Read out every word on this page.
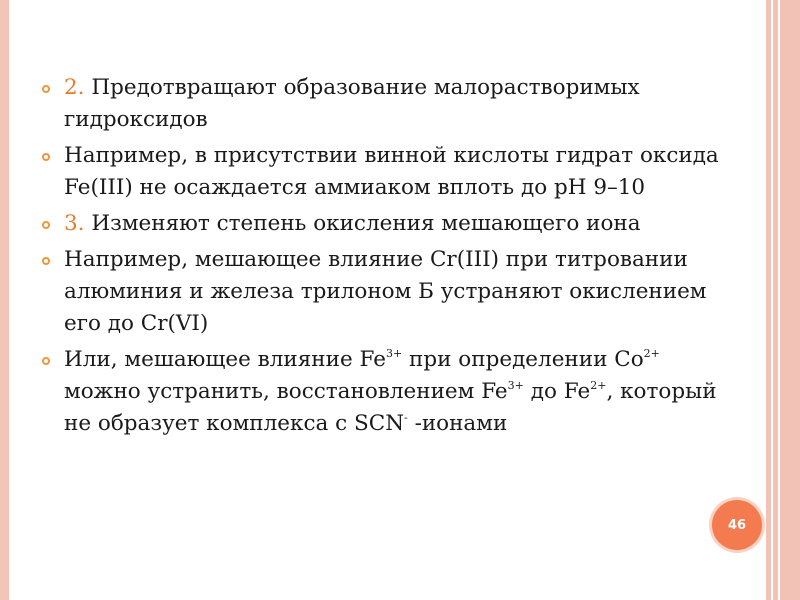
2. Предотвращают образование малорастворимых гидроксидов
Например, в присутствии винной кислоты гидрат оксида Fe(III) не осаждается аммиаком вплоть до pH 9–10
3. Изменяют степень окисления мешающего иона
Например, мешающее влияние Cr(III) при титровании алюминия и железа трилоном Б устраняют окислением его до Cr(VI)
Или, мешающее влияние $Fe^{3+}$ при определении $Co^{2+}$ можно устранить, восстановлением $Fe^{3+}$ до $Fe^{2+}$, который не образует комплекса с SCN- -ионами
46
